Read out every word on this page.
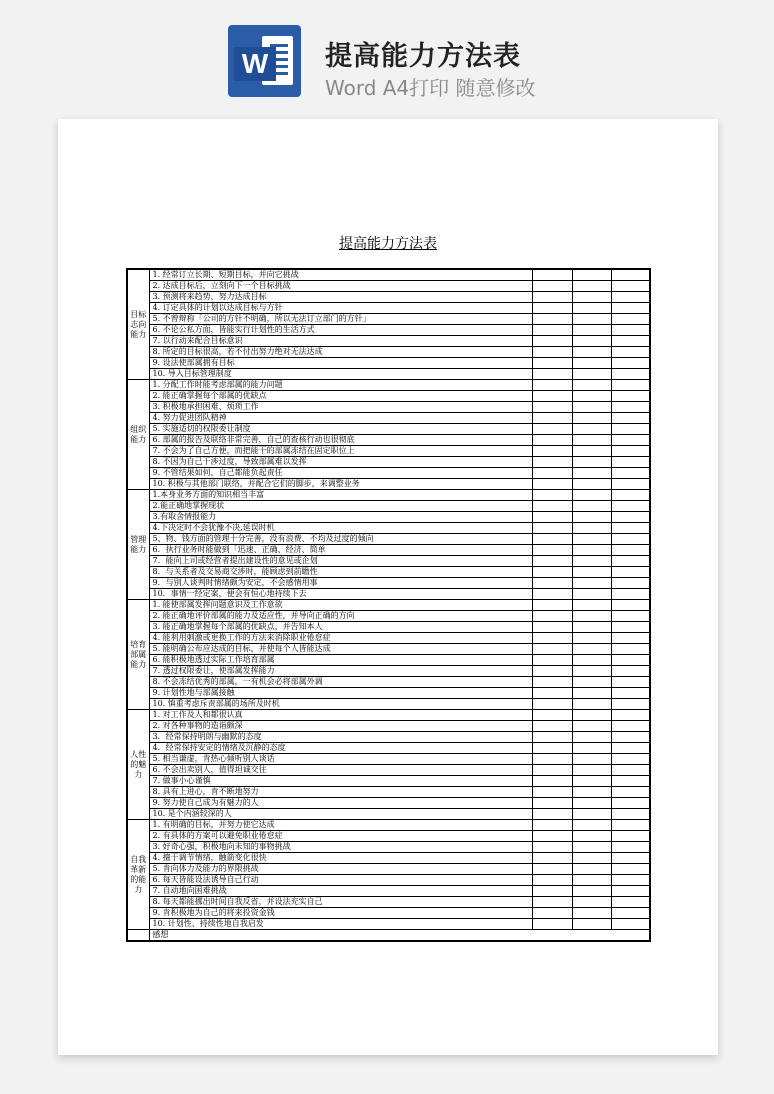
W 提高能力方法表
Word A4打印 随意修改
提高能力方法表
目标志向能力	1. 经常订立长期、短期目标，并向它挑战			
	2. 达成目标后，立刻向下一个目标挑战			
	3. 预测将来趋势，努力达成目标			
	4. 订定具体的计划以达成目标与方针			
	5. 不曾辩称「公司的方针不明确，所以无法订立部门的方针」			
	6. 不论公私方面，皆能实行计划性的生活方式			
	7. 以行动来配合目标意识			
	8. 所定的目标很高，若不付出努力绝对无法达成			
	9. 设法使部属拥有目标			
	10. 导入目标管理制度			
组织能力	1. 分配工作时能考虑部属的能力问题			
	2. 能正确掌握每个部属的优缺点			
	3. 积极地承担困难、烦琐工作			
	4. 努力促进团队精神			
	5. 实施适切的权限委让制度			
	6. 部属的报告及联络非常完善，自己的查核行动也很彻底			
	7. 不会为了自己方便，而把能干的部属冻结在固定职位上			
	8. 不因为自己干涉过度，导致部属难以发挥			
	9. 不管结果如何，自己都能负起责任			
	10. 积极与其他部门联络，并配合它们的脚步，来调整业务			
管理能力	1.本身业务方面的知识相当丰富			
	2.能正确地掌握现状			
	3.有取舍情报能力			
	4.下决定时不会犹豫不决,延误时机			
	5、物、钱方面的管理十分完善，没有浪费、不均及过度的倾向			
	6．执行业务时能做到「迅速、正确、经济、简单			
	7．能向上司或经营者提出建设性的意见或企划			
	8．与关系者及交易商交涉时，能顾虑到前瞻性			
	9．与别人谈判时情绪颇为安定，不会感情用事			
	10．事情一经定案，便会有恒心地持续下去			
培育部属能力	1. 能使部属发挥问题意识及工作意欲			
	2. 能正确地评价部属的能力及适应性，并导向正确的方向			
	3. 能正确地掌握每个部属的优缺点，并告知本人			
	4. 能利用刺激或更换工作的方法来消除职业倦怠症			
	5. 能明确公布应达成的目标，并使每个人皆能达成			
	6. 能积极地透过实际工作培育部属			
	7. 透过权限委让，使部属发挥能力			
	8. 不会冻结优秀的部属，一有机会必将部属外调			
	9. 计划性地与部属接触			
	10. 慎重考虑斥责部属的场所及时机			
人性的魅力	1. 对工作及人和都很认真			
	2. 对各种事物的造诣颇深			
	3．经常保持明朗与幽默的态度			
	4．经常保持安定的情绪及沉静的态度			
	5. 相当谦虚，肯热心倾听别人谈话			
	6. 不会出卖别人，值得坦诚交往			
	7. 做事小心谨慎			
	8. 具有上进心，肯不断地努力			
	9. 努力使自己成为有魅力的人			
	10. 是个内涵较深的人			
自我革新的能力	1. 有明确的目标，并努力使它达成			
	2. 有具体的方案可以避免职业倦怠症			
	3. 好奇心强，积极地向未知的事物挑战			
	4. 擅于调节情绪，触箭变化很快			
	5. 肯向体力及能力的界限挑战			
	6. 每天皆能设法诱导自己行动			
	7. 自动地向困难挑战			
	8. 每天都能挪出时间自我反省，并设法充实自己			
	9. 肯积极地为自己的将来投资金钱			
	10. 计划性、持续性地自我启发			
	感想			
